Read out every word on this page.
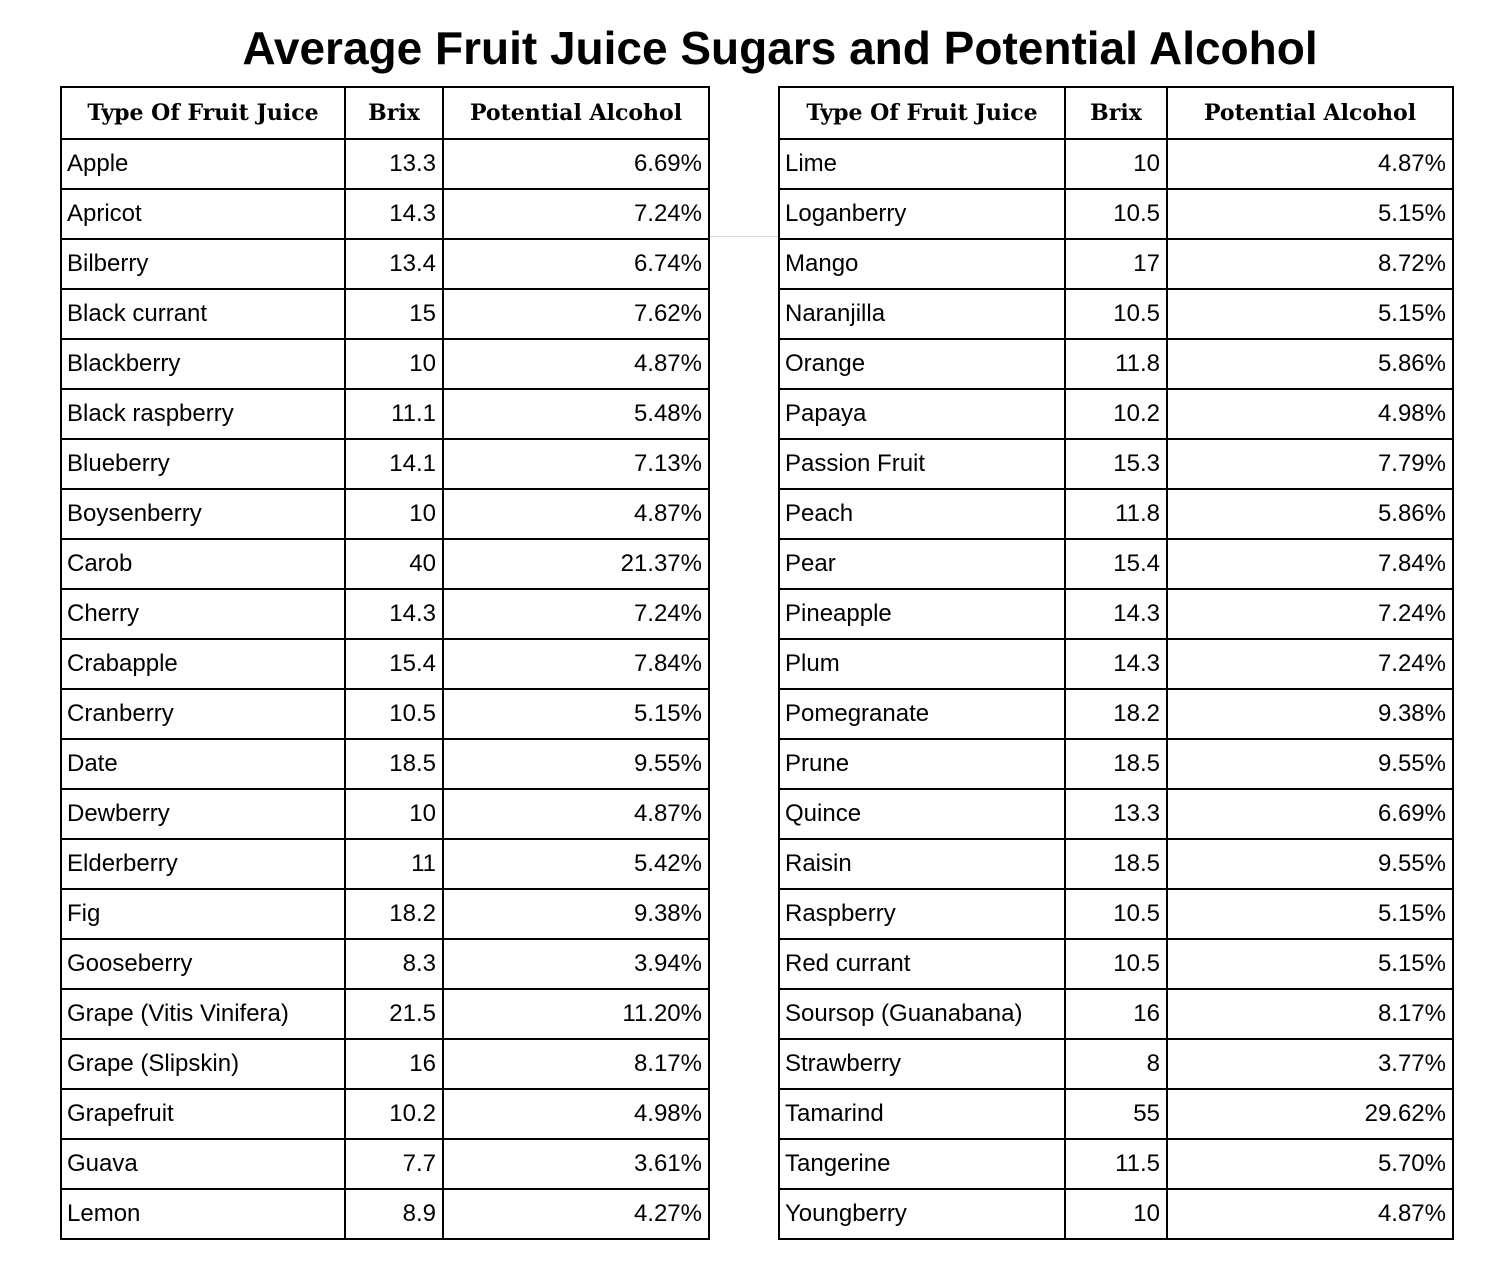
Average Fruit Juice Sugars and Potential Alcohol
Type Of Fruit Juice	Brix	Potential Alcohol
Apple	13.3	6.69%
Apricot	14.3	7.24%
Bilberry	13.4	6.74%
Black currant	15	7.62%
Blackberry	10	4.87%
Black raspberry	11.1	5.48%
Blueberry	14.1	7.13%
Boysenberry	10	4.87%
Carob	40	21.37%
Cherry	14.3	7.24%
Crabapple	15.4	7.84%
Cranberry	10.5	5.15%
Date	18.5	9.55%
Dewberry	10	4.87%
Elderberry	11	5.42%
Fig	18.2	9.38%
Gooseberry	8.3	3.94%
Grape (Vitis Vinifera)	21.5	11.20%
Grape (Slipskin)	16	8.17%
Grapefruit	10.2	4.98%
Guava	7.7	3.61%
Lemon	8.9	4.27%
Type Of Fruit Juice	Brix	Potential Alcohol
Lime	10	4.87%
Loganberry	10.5	5.15%
Mango	17	8.72%
Naranjilla	10.5	5.15%
Orange	11.8	5.86%
Papaya	10.2	4.98%
Passion Fruit	15.3	7.79%
Peach	11.8	5.86%
Pear	15.4	7.84%
Pineapple	14.3	7.24%
Plum	14.3	7.24%
Pomegranate	18.2	9.38%
Prune	18.5	9.55%
Quince	13.3	6.69%
Raisin	18.5	9.55%
Raspberry	10.5	5.15%
Red currant	10.5	5.15%
Soursop (Guanabana)	16	8.17%
Strawberry	8	3.77%
Tamarind	55	29.62%
Tangerine	11.5	5.70%
Youngberry	10	4.87%
